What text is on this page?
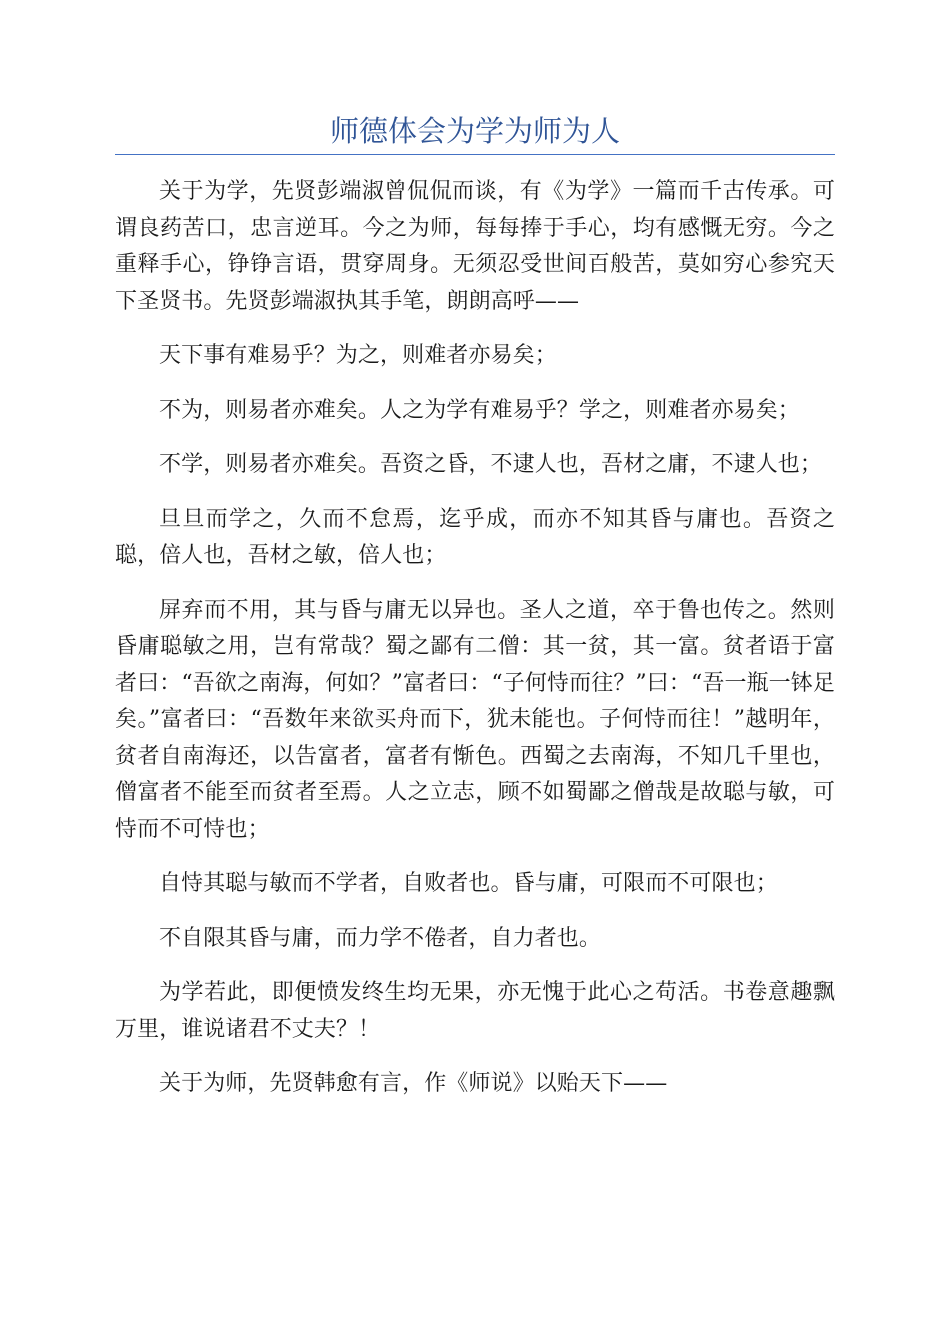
师德体会为学为师为人

关于为学，先贤彭端淑曾侃侃而谈，有《为学》一篇而千古传承。可谓良药苦口，忠言逆耳。今之为师，每每捧于手心，均有感慨无穷。今之重释手心，铮铮言语，贯穿周身。无须忍受世间百般苦，莫如穷心参究天下圣贤书。先贤彭端淑执其手笔，朗朗高呼——

天下事有难易乎？为之，则难者亦易矣；

不为，则易者亦难矣。人之为学有难易乎？学之，则难者亦易矣；

不学，则易者亦难矣。吾资之昏，不逮人也，吾材之庸，不逮人也；

旦旦而学之，久而不怠焉，迄乎成，而亦不知其昏与庸也。吾资之聪，倍人也，吾材之敏，倍人也；

屏弃而不用，其与昏与庸无以异也。圣人之道，卒于鲁也传之。然则昏庸聪敏之用，岂有常哉？蜀之鄙有二僧：其一贫，其一富。贫者语于富者曰：“吾欲之南海，何如？”富者曰：“子何恃而往？”曰：“吾一瓶一钵足矣。”富者曰：“吾数年来欲买舟而下，犹未能也。子何恃而往！”越明年，贫者自南海还，以告富者，富者有惭色。西蜀之去南海，不知几千里也，僧富者不能至而贫者至焉。人之立志，顾不如蜀鄙之僧哉是故聪与敏，可恃而不可恃也；

自恃其聪与敏而不学者，自败者也。昏与庸，可限而不可限也；

不自限其昏与庸，而力学不倦者，自力者也。

为学若此，即便愤发终生均无果，亦无愧于此心之苟活。书卷意趣飘万里，谁说诸君不丈夫？！

关于为师，先贤韩愈有言，作《师说》以贻天下——
